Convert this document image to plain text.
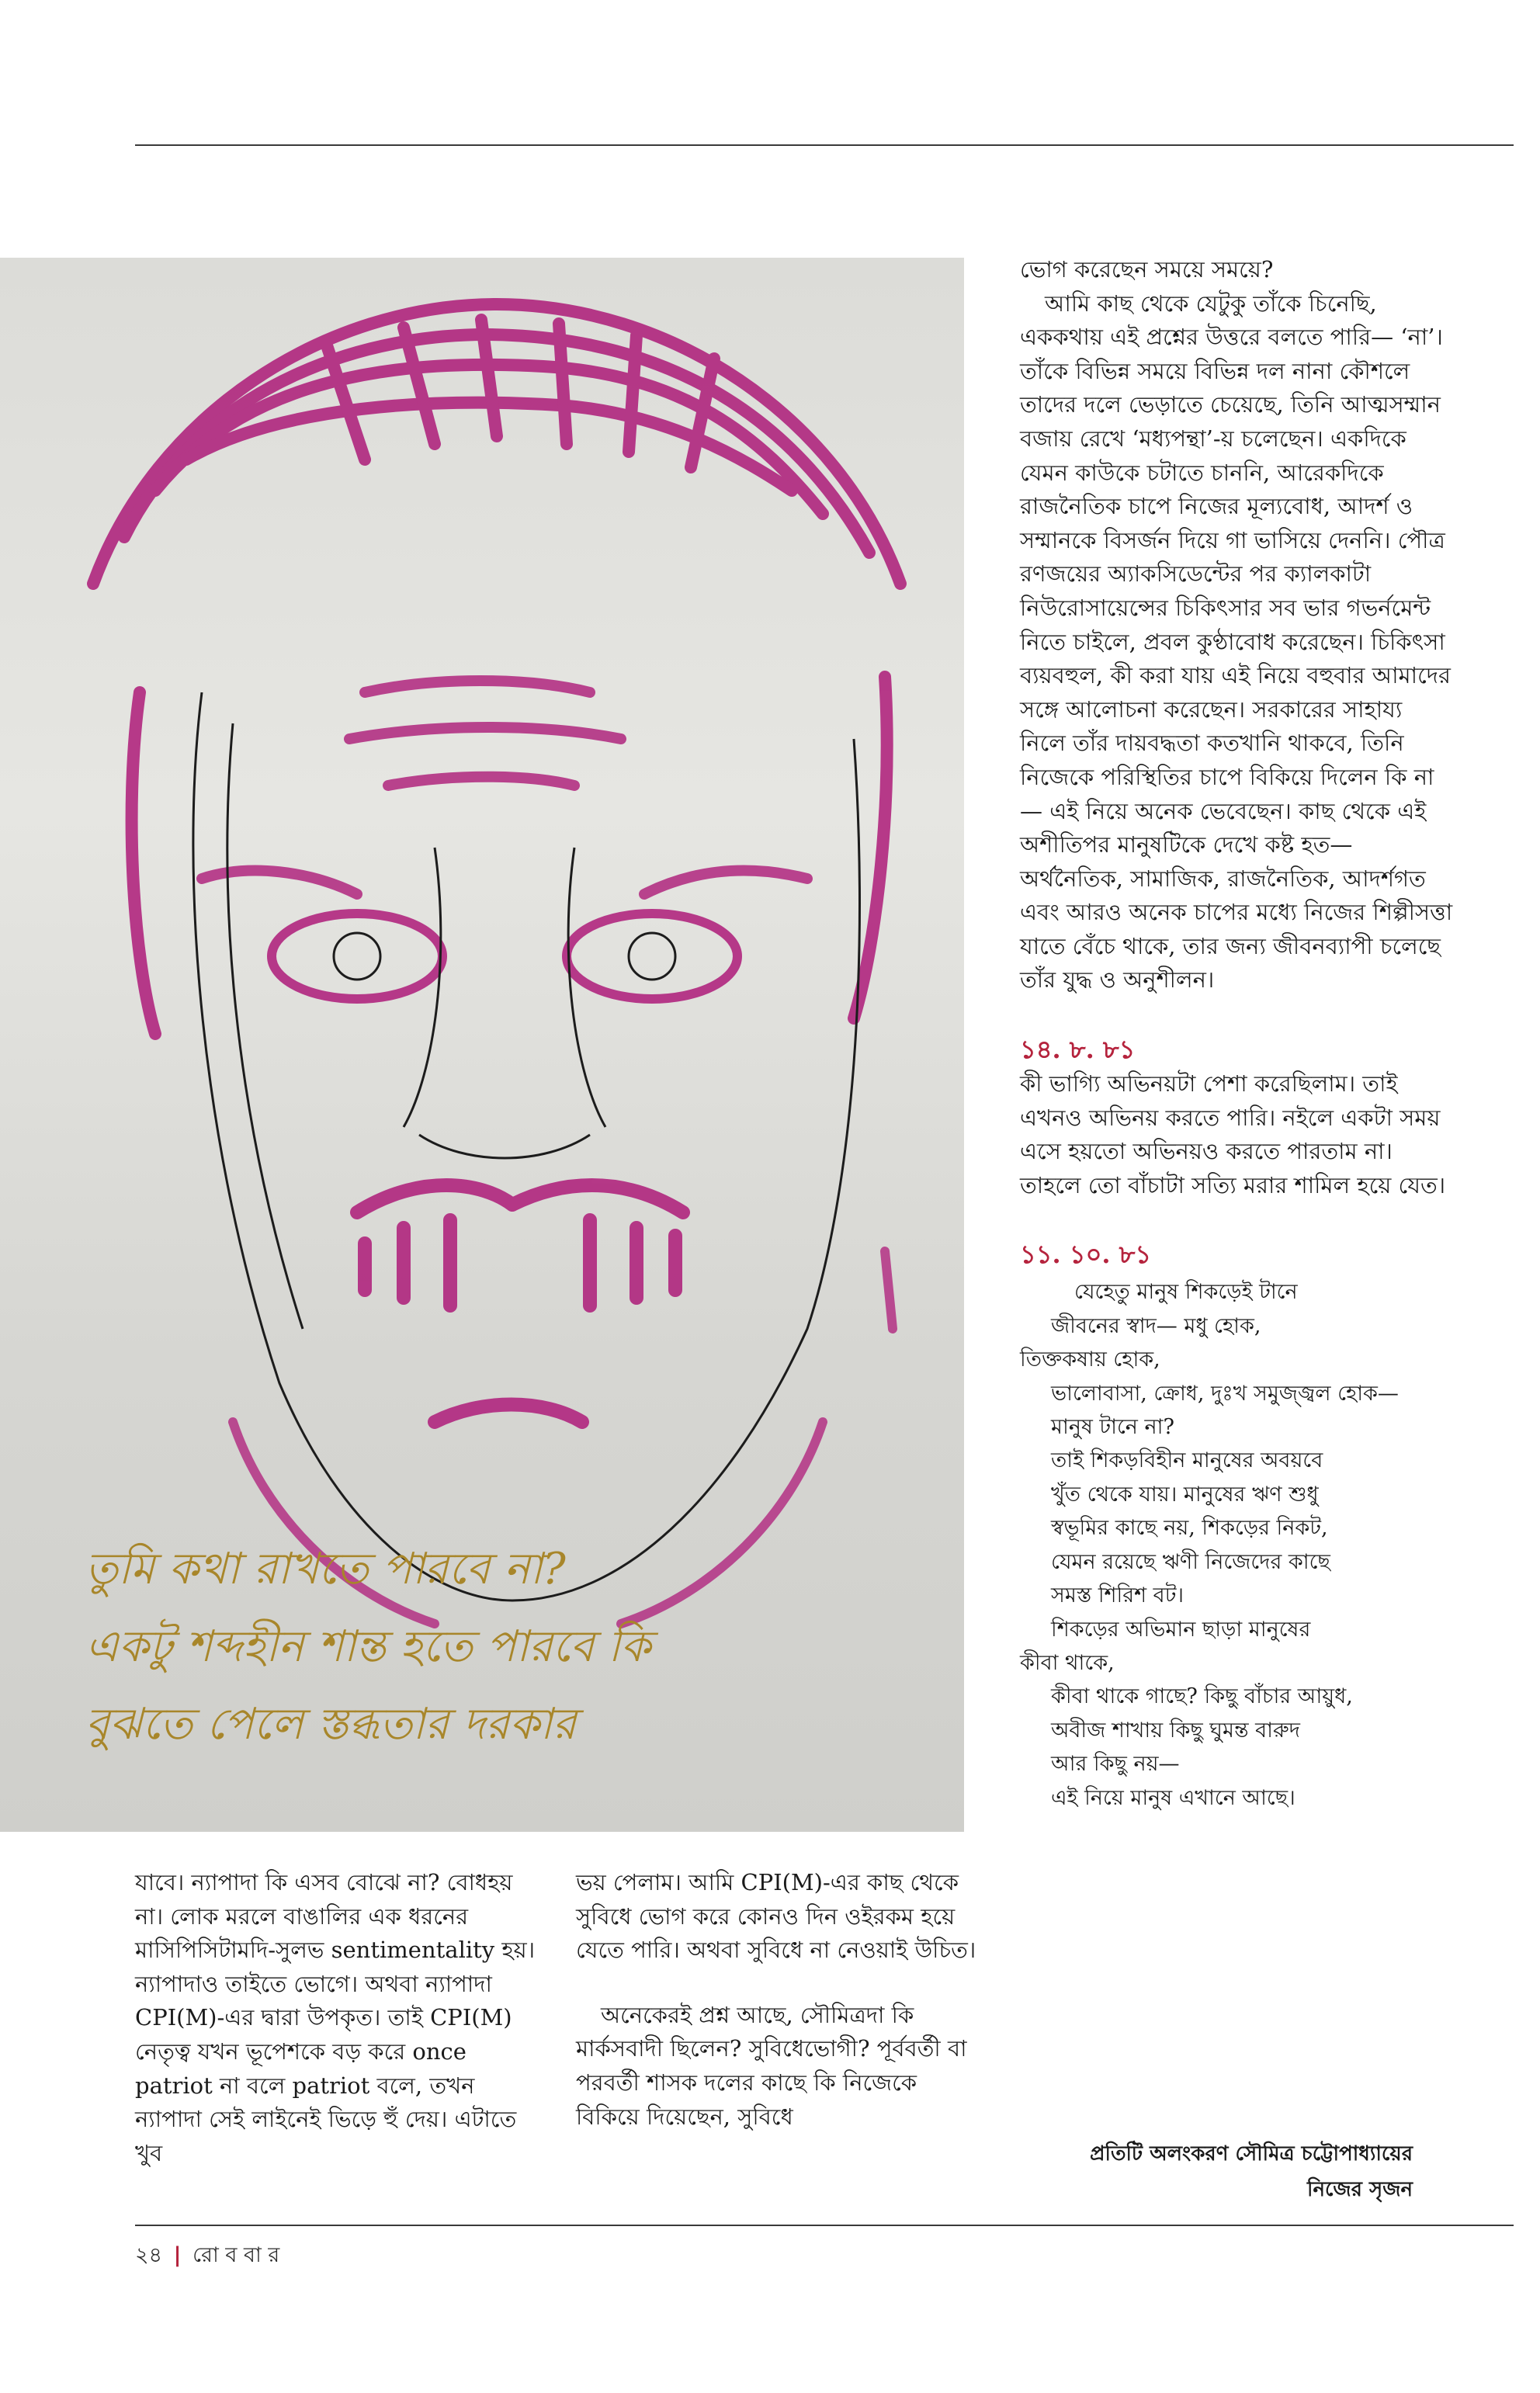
তুমি কথা রাখতে পারবে না?
একটু শব্দহীন শান্ত হতে পারবে কি
বুঝতে পেলে স্তব্ধতার দরকার

ভোগ করেছেন সময়ে সময়ে?

আমি কাছ থেকে যেটুকু তাঁকে চিনেছি, এককথায় এই প্রশ্নের উত্তরে বলতে পারি— ‘না’। তাঁকে বিভিন্ন সময়ে বিভিন্ন দল নানা কৌশলে তাদের দলে ভেড়াতে চেয়েছে, তিনি আত্মসম্মান বজায় রেখে ‘মধ্যপন্থা’-য় চলেছেন। একদিকে যেমন কাউকে চটাতে চাননি, আরেকদিকে রাজনৈতিক চাপে নিজের মূল্যবোধ, আদর্শ ও সম্মানকে বিসর্জন দিয়ে গা ভাসিয়ে দেননি। পৌত্র রণজয়ের অ্যাকসিডেন্টের পর ক্যালকাটা নিউরোসায়েন্সের চিকিৎসার সব ভার গভর্নমেন্ট নিতে চাইলে, প্রবল কুণ্ঠাবোধ করেছেন। চিকিৎসা ব্যয়বহুল, কী করা যায় এই নিয়ে বহুবার আমাদের সঙ্গে আলোচনা করেছেন। সরকারের সাহায্য নিলে তাঁর দায়বদ্ধতা কতখানি থাকবে, তিনি নিজেকে পরিস্থিতির চাপে বিকিয়ে দিলেন কি না— এই নিয়ে অনেক ভেবেছেন। কাছ থেকে এই অশীতিপর মানুষটিকে দেখে কষ্ট হত— অর্থনৈতিক, সামাজিক, রাজনৈতিক, আদর্শগত এবং আরও অনেক চাপের মধ্যে নিজের শিল্পীসত্তা যাতে বেঁচে থাকে, তার জন্য জীবনব্যাপী চলেছে তাঁর যুদ্ধ ও অনুশীলন।

১৪. ৮. ৮১

কী ভাগ্যি অভিনয়টা পেশা করেছিলাম। তাই এখনও অভিনয় করতে পারি। নইলে একটা সময় এসে হয়তো অভিনয়ও করতে পারতাম না। তাহলে তো বাঁচাটা সত্যি মরার শামিল হয়ে যেত।

১১. ১০. ৮১

যেহেতু মানুষ শিকড়েই টানে

জীবনের স্বাদ— মধু হোক,

তিক্তকষায় হোক,

ভালোবাসা, ক্রোধ, দুঃখ সমুজ্জ্বল হোক—

মানুষ টানে না?

তাই শিকড়বিহীন মানুষের অবয়বে

খুঁত থেকে যায়। মানুষের ঋণ শুধু

স্বভূমির কাছে নয়, শিকড়ের নিকট,

যেমন রয়েছে ঋণী নিজেদের কাছে

সমস্ত শিরিশ বট।

শিকড়ের অভিমান ছাড়া মানুষের

কীবা থাকে,

কীবা থাকে গাছে? কিছু বাঁচার আয়ুধ,

অবীজ শাখায় কিছু ঘুমন্ত বারুদ

আর কিছু নয়—

এই নিয়ে মানুষ এখানে আছে।

যাবে। ন্যাপাদা কি এসব বোঝে না? বোধহয় না। লোক মরলে বাঙালির এক ধরনের মাসিপিসিটামদি-সুলভ sentimentality হয়। ন্যাপাদাও তাইতে ভোগে। অথবা ন্যাপাদা CPI(M)-এর দ্বারা উপকৃত। তাই CPI(M) নেতৃত্ব যখন ভূপেশকে বড় করে once patriot না বলে patriot বলে, তখন ন্যাপাদা সেই লাইনেই ভিড়ে হুঁ দেয়। এটাতে খুব

ভয় পেলাম। আমি CPI(M)-এর কাছ থেকে সুবিধে ভোগ করে কোনও দিন ওইরকম হয়ে যেতে পারি। অথবা সুবিধে না নেওয়াই উচিত।

অনেকেরই প্রশ্ন আছে, সৌমিত্রদা কি মার্কসবাদী ছিলেন? সুবিধেভোগী? পূর্ববর্তী বা পরবর্তী শাসক দলের কাছে কি নিজেকে বিকিয়ে দিয়েছেন, সুবিধে

প্রতিটি অলংকরণ সৌমিত্র চট্টোপাধ্যায়ের
নিজের সৃজন
২৪ | রো ব বা র
